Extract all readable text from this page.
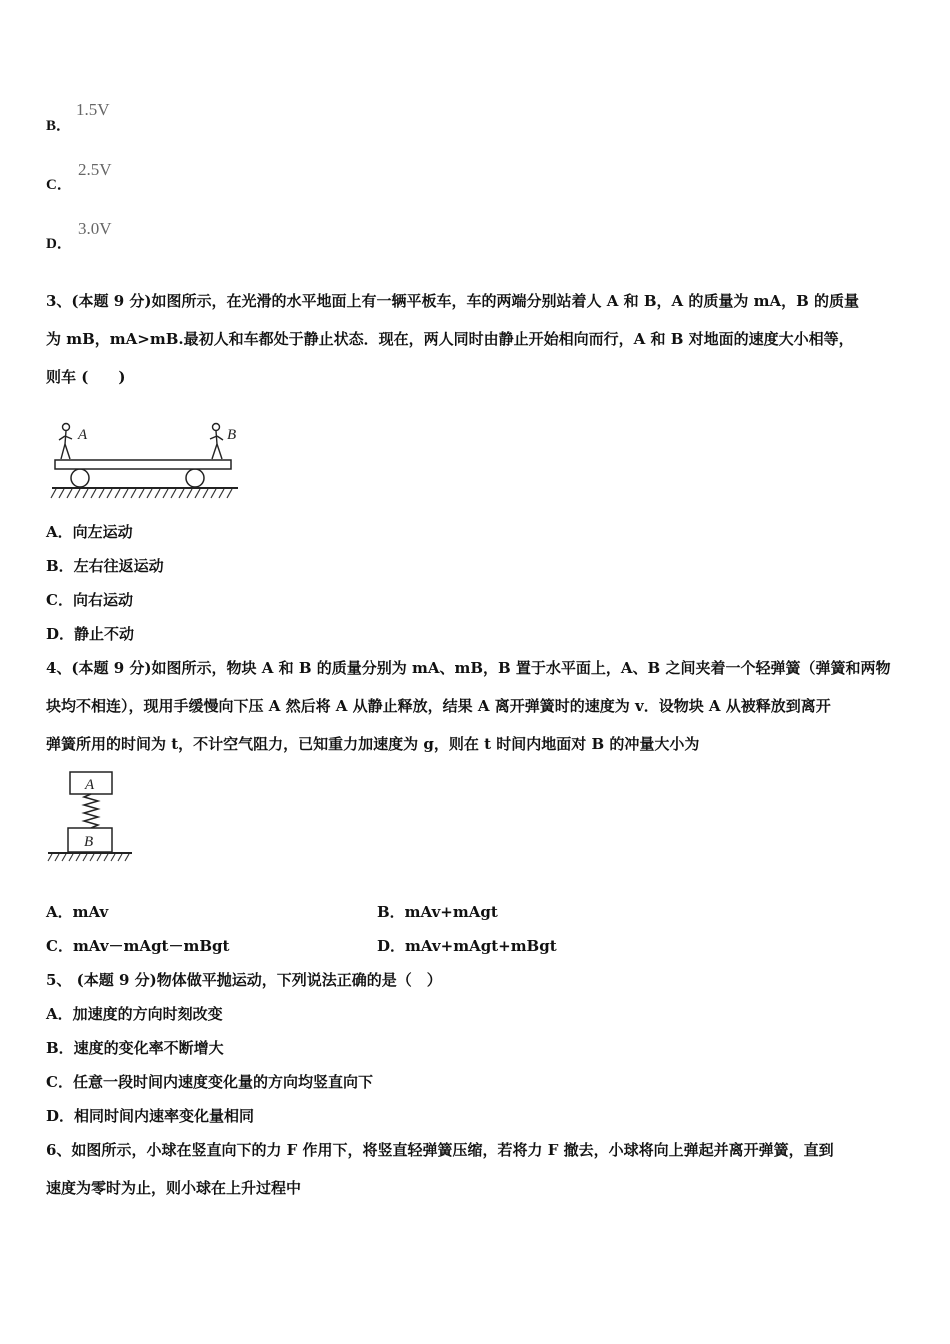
B．
1.5V
C．
2.5V
D．
3.0V
3、(本题 9 分)如图所示，在光滑的水平地面上有一辆平板车，车的两端分别站着人 A 和 B，A 的质量为 mA，B 的质量
为 mB，mA>mB.最初人和车都处于静止状态．现在，两人同时由静止开始相向而行，A 和 B 对地面的速度大小相等，
则车 (　　)
A	B
A．向左运动
B．左右往返运动
C．向右运动
D．静止不动
4、(本题 9 分)如图所示，物块 A 和 B 的质量分别为 mA、mB，B 置于水平面上，A、B 之间夹着一个轻弹簧（弹簧和两物
块均不相连），现用手缓慢向下压 A 然后将 A 从静止释放，结果 A 离开弹簧时的速度为 v．设物块 A 从被释放到离开
弹簧所用的时间为 t，不计空气阻力，已知重力加速度为 g，则在 t 时间内地面对 B 的冲量大小为
A
B
A．mAv	B．mAv+mAgt
C．mAv－mAgt－mBgt	D．mAv+mAgt+mBgt
5、 (本题 9 分)物体做平抛运动，下列说法正确的是（　）
A．加速度的方向时刻改变
B．速度的变化率不断增大
C．任意一段时间内速度变化量的方向均竖直向下
D．相同时间内速率变化量相同
6、如图所示，小球在竖直向下的力 F 作用下，将竖直轻弹簧压缩，若将力 F 撤去，小球将向上弹起并离开弹簧，直到
速度为零时为止，则小球在上升过程中
